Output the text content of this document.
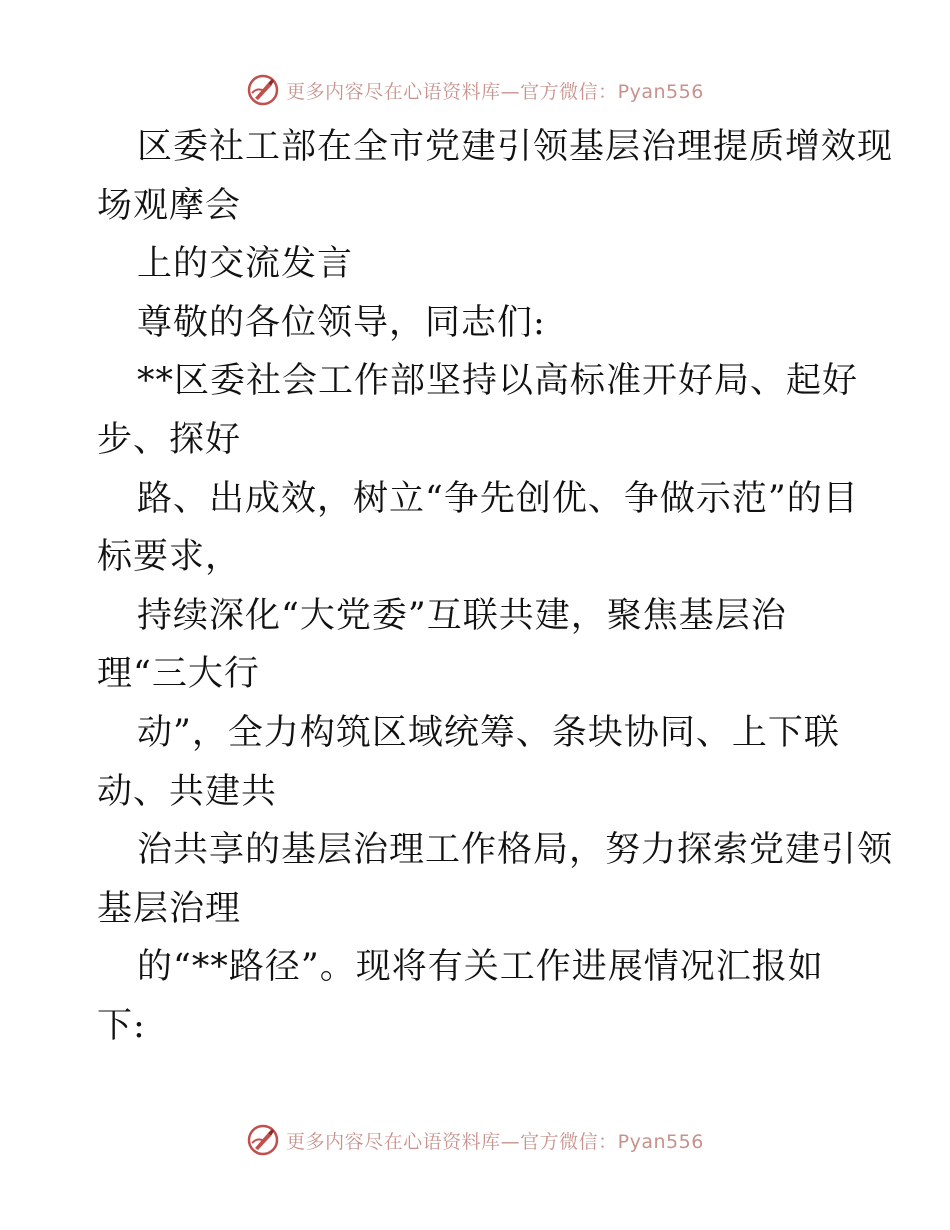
更多内容尽在心语资料库—官方微信：Pyan556
区委社工部在全市党建引领基层治理提质增效现
场观摩会
上的交流发言
尊敬的各位领导，同志们:
**区委社会工作部坚持以高标准开好局、起好
步、探好
路、出成效，树立“争先创优、争做示范”的目
标要求，
持续深化“大党委”互联共建，聚焦基层治
理“三大行
动”，全力构筑区域统筹、条块协同、上下联
动、共建共
治共享的基层治理工作格局，努力探索党建引领
基层治理
的“**路径”。现将有关工作进展情况汇报如
下:
更多内容尽在心语资料库—官方微信：Pyan556
